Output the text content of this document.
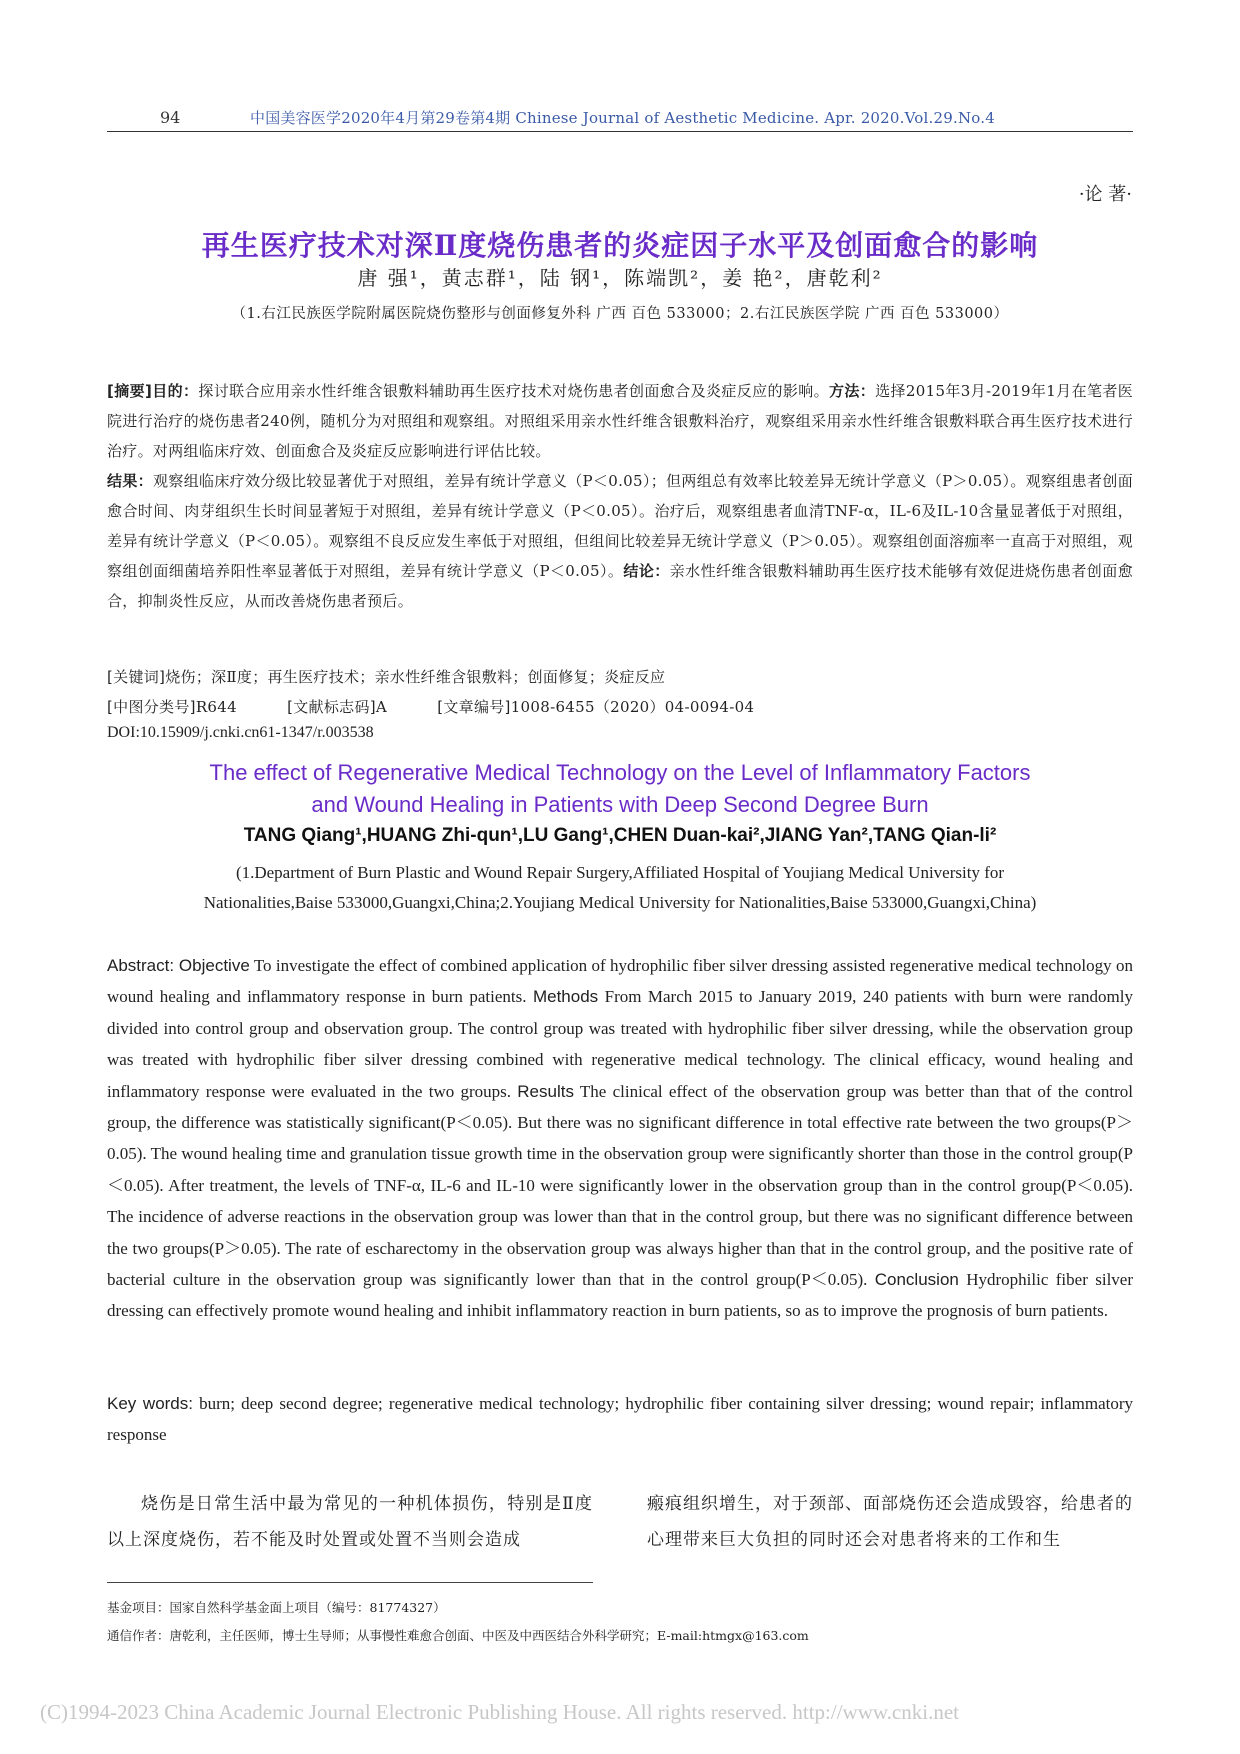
94	中国美容医学2020年4月第29卷第4期 Chinese Journal of Aesthetic Medicine. Apr. 2020.Vol.29.No.4
·论 著·
再生医疗技术对深Ⅱ度烧伤患者的炎症因子水平及创面愈合的影响
唐 强¹，黄志群¹，陆 钢¹，陈端凯²，姜 艳²，唐乾利²
（1.右江民族医学院附属医院烧伤整形与创面修复外科 广西 百色 533000；2.右江民族医学院 广西 百色 533000）
[摘要]目的：探讨联合应用亲水性纤维含银敷料辅助再生医疗技术对烧伤患者创面愈合及炎症反应的影响。方法：选择2015年3月-2019年1月在笔者医院进行治疗的烧伤患者240例，随机分为对照组和观察组。对照组采用亲水性纤维含银敷料治疗，观察组采用亲水性纤维含银敷料联合再生医疗技术进行治疗。对两组临床疗效、创面愈合及炎症反应影响进行评估比较。
结果：观察组临床疗效分级比较显著优于对照组，差异有统计学意义（P＜0.05）；但两组总有效率比较差异无统计学意义（P＞0.05）。观察组患者创面愈合时间、肉芽组织生长时间显著短于对照组，差异有统计学意义（P＜0.05）。治疗后，观察组患者血清TNF-α，IL-6及IL-10含量显著低于对照组，差异有统计学意义（P＜0.05）。观察组不良反应发生率低于对照组，但组间比较差异无统计学意义（P＞0.05）。观察组创面溶痂率一直高于对照组，观察组创面细菌培养阳性率显著低于对照组，差异有统计学意义（P＜0.05）。结论：亲水性纤维含银敷料辅助再生医疗技术能够有效促进烧伤患者创面愈合，抑制炎性反应，从而改善烧伤患者预后。
[关键词]烧伤；深Ⅱ度；再生医疗技术；亲水性纤维含银敷料；创面修复；炎症反应
[中图分类号]R644	[文献标志码]A	[文章编号]1008-6455（2020）04-0094-04
DOI:10.15909/j.cnki.cn61-1347/r.003538
The effect of Regenerative Medical Technology on the Level of Inflammatory Factors
and Wound Healing in Patients with Deep Second Degree Burn
TANG Qiang¹,HUANG Zhi-qun¹,LU Gang¹,CHEN Duan-kai²,JIANG Yan²,TANG Qian-li²
(1.Department of Burn Plastic and Wound Repair Surgery,Affiliated Hospital of Youjiang Medical University for
Nationalities,Baise 533000,Guangxi,China;2.Youjiang Medical University for Nationalities,Baise 533000,Guangxi,China)
Abstract: Objective To investigate the effect of combined application of hydrophilic fiber silver dressing assisted regenerative medical technology on wound healing and inflammatory response in burn patients. Methods From March 2015 to January 2019, 240 patients with burn were randomly divided into control group and observation group. The control group was treated with hydrophilic fiber silver dressing, while the observation group was treated with hydrophilic fiber silver dressing combined with regenerative medical technology. The clinical efficacy, wound healing and inflammatory response were evaluated in the two groups. Results The clinical effect of the observation group was better than that of the control group, the difference was statistically significant(P＜0.05). But there was no significant difference in total effective rate between the two groups(P＞0.05). The wound healing time and granulation tissue growth time in the observation group were significantly shorter than those in the control group(P＜0.05). After treatment, the levels of TNF-α, IL-6 and IL-10 were significantly lower in the observation group than in the control group(P＜0.05). The incidence of adverse reactions in the observation group was lower than that in the control group, but there was no significant difference between the two groups(P＞0.05). The rate of escharectomy in the observation group was always higher than that in the control group, and the positive rate of bacterial culture in the observation group was significantly lower than that in the control group(P＜0.05). Conclusion Hydrophilic fiber silver dressing can effectively promote wound healing and inhibit inflammatory reaction in burn patients, so as to improve the prognosis of burn patients.
Key words: burn; deep second degree; regenerative medical technology; hydrophilic fiber containing silver dressing; wound repair; inflammatory response
烧伤是日常生活中最为常见的一种机体损伤，特别是Ⅱ度以上深度烧伤，若不能及时处置或处置不当则会造成
瘢痕组织增生，对于颈部、面部烧伤还会造成毁容，给患者的心理带来巨大负担的同时还会对患者将来的工作和生
基金项目：国家自然科学基金面上项目（编号：81774327）
通信作者：唐乾利，主任医师，博士生导师；从事慢性难愈合创面、中医及中西医结合外科学研究；E-mail:htmgx@163.com
(C)1994-2023 China Academic Journal Electronic Publishing House. All rights reserved. http://www.cnki.net
